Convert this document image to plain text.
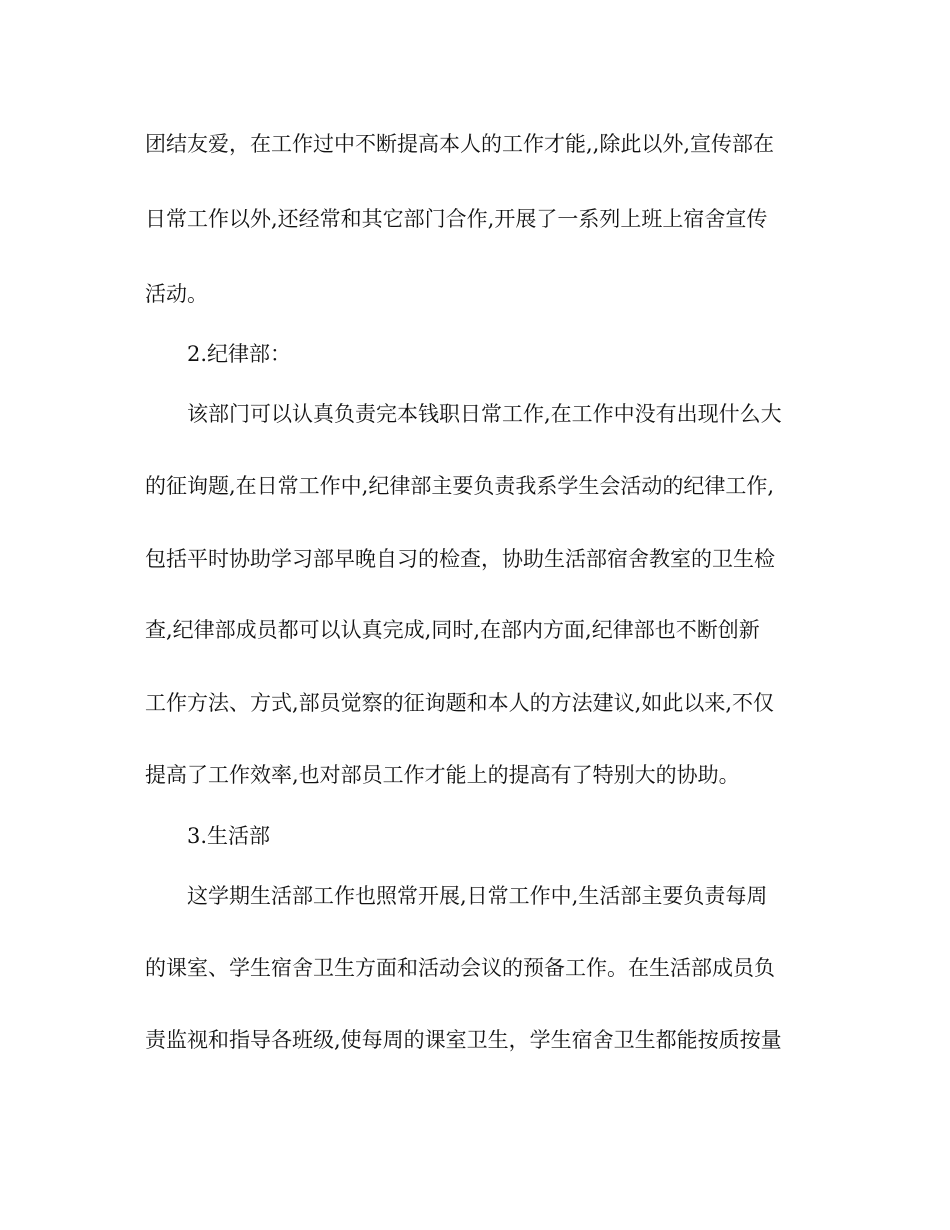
团结友爱，在工作过中不断提高本人的工作才能,,除此以外,宣传部在
日常工作以外,还经常和其它部门合作,开展了一系列上班上宿舍宣传
活动。
2.纪律部：
该部门可以认真负责完本钱职日常工作,在工作中没有出现什么大
的征询题,在日常工作中,纪律部主要负责我系学生会活动的纪律工作,
包括平时协助学习部早晚自习的检查，协助生活部宿舍教室的卫生检
查,纪律部成员都可以认真完成,同时,在部内方面,纪律部也不断创新
工作方法、方式,部员觉察的征询题和本人的方法建议,如此以来,不仅
提高了工作效率,也对部员工作才能上的提高有了特别大的协助。
3.生活部
这学期生活部工作也照常开展,日常工作中,生活部主要负责每周
的课室、学生宿舍卫生方面和活动会议的预备工作。在生活部成员负
责监视和指导各班级,使每周的课室卫生，学生宿舍卫生都能按质按量
